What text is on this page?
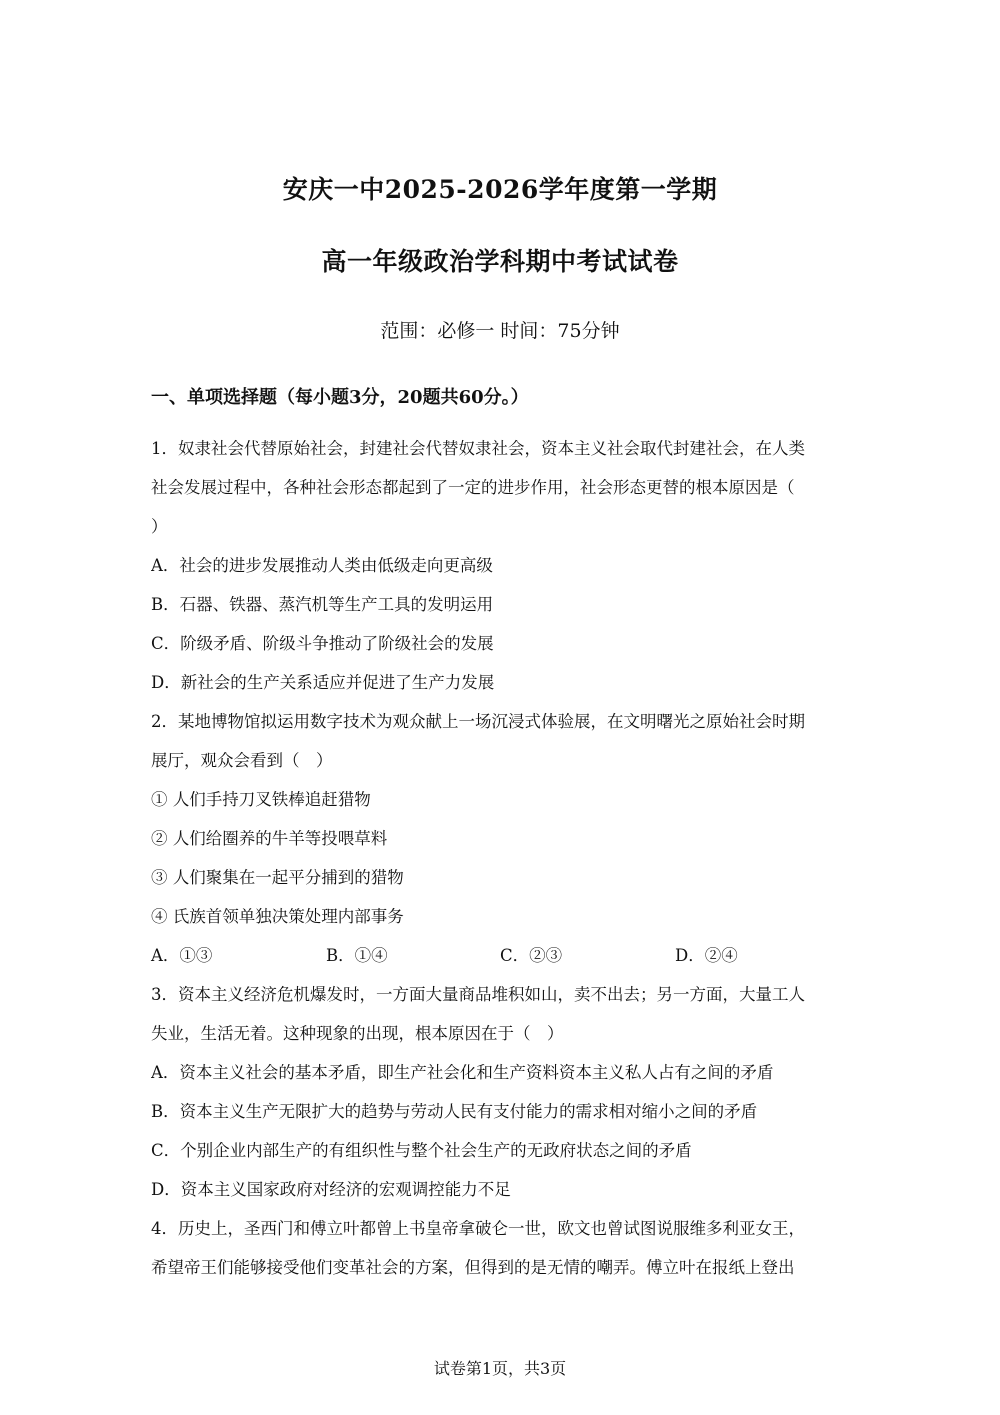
安庆一中2025-2026学年度第一学期
高一年级政治学科期中考试试卷
范围：必修一 时间：75分钟
一、单项选择题（每小题3分，20题共60分。）
1．奴隶社会代替原始社会，封建社会代替奴隶社会，资本主义社会取代封建社会，在人类
社会发展过程中，各种社会形态都起到了一定的进步作用，社会形态更替的根本原因是（
）
A．社会的进步发展推动人类由低级走向更高级
B．石器、铁器、蒸汽机等生产工具的发明运用
C．阶级矛盾、阶级斗争推动了阶级社会的发展
D．新社会的生产关系适应并促进了生产力发展
2．某地博物馆拟运用数字技术为观众献上一场沉浸式体验展，在文明曙光之原始社会时期
展厅，观众会看到（　）
① 人们手持刀叉铁棒追赶猎物
② 人们给圈养的牛羊等投喂草料
③ 人们聚集在一起平分捕到的猎物
④ 氏族首领单独决策处理内部事务
A．①③	B．①④	C．②③	D．②④
3．资本主义经济危机爆发时，一方面大量商品堆积如山，卖不出去；另一方面，大量工人
失业，生活无着。这种现象的出现，根本原因在于（　）
A．资本主义社会的基本矛盾，即生产社会化和生产资料资本主义私人占有之间的矛盾
B．资本主义生产无限扩大的趋势与劳动人民有支付能力的需求相对缩小之间的矛盾
C．个别企业内部生产的有组织性与整个社会生产的无政府状态之间的矛盾
D．资本主义国家政府对经济的宏观调控能力不足
4．历史上，圣西门和傅立叶都曾上书皇帝拿破仑一世，欧文也曾试图说服维多利亚女王，
希望帝王们能够接受他们变革社会的方案，但得到的是无情的嘲弄。傅立叶在报纸上登出
试卷第1页，共3页
